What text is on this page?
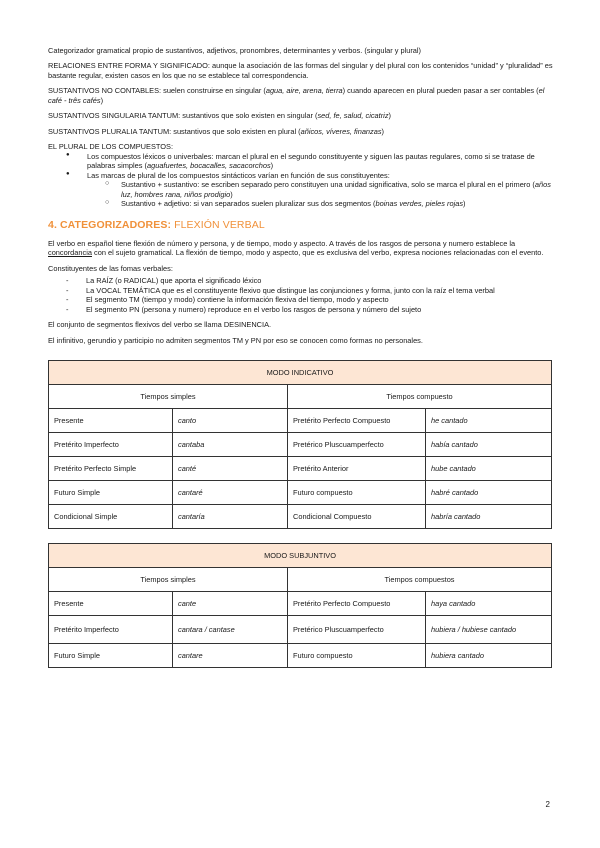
Categorizador gramatical propio de sustantivos, adjetivos, pronombres, determinantes y verbos. (singular y plural)

RELACIONES ENTRE FORMA Y SIGNIFICADO: aunque la asociación de las formas del singular y del plural con los contenidos “unidad” y “pluralidad” es bastante regular, existen casos en los que no se establece tal correspondencia.

SUSTANTIVOS NO CONTABLES: suelen construirse en singular (agua, aire, arena, tierra) cuando aparecen en plural pueden pasar a ser contables (el café - três cafés)

SUSTANTIVOS SINGULARIA TANTUM: sustantivos que solo existen en singular (sed, fe, salud, cicatriz)

SUSTANTIVOS PLURALIA TANTUM: sustantivos que solo existen en plural (añicos, víveres, finanzas)

EL PLURAL DE LOS COMPUESTOS:
● Los compuestos léxicos o univerbales: marcan el plural en el segundo constituyente y siguen las pautas regulares, como si se tratase de palabras simples (aguafuertes, bocacalles, sacacorchos)
● Las marcas de plural de los compuestos sintácticos varían en función de sus constituyentes:
○ Sustantivo + sustantivo: se escriben separado pero constituyen una unidad significativa, solo se marca el plural en el primero (años luz, hombres rana, niños prodigio)
○ Sustantivo + adjetivo: si van separados suelen pluralizar sus dos segmentos (boinas verdes, pieles rojas)
4. CATEGORIZADORES: FLEXIÓN VERBAL

El verbo en español tiene flexión de número y persona, y de tiempo, modo y aspecto. A través de los rasgos de persona y numero establece la concordancia con el sujeto gramatical. La flexión de tiempo, modo y aspecto, que es exclusiva del verbo, expresa nociones relacionadas con el evento.

Constituyentes de las fomas verbales:

- La RAÍZ (o RADICAL) que aporta el significado léxico
- La VOCAL TEMÁTICA que es el constituyente flexivo que distingue las conjunciones y forma, junto con la raíz el tema verbal
- El segmento TM (tiempo y modo) contiene la información flexiva del tiempo, modo y aspecto
- El segmento PN (persona y numero) reproduce en el verbo los rasgos de persona y número del sujeto

El conjunto de segmentos flexivos del verbo se llama DESINENCIA.

El infinitivo, gerundio y participio no admiten segmentos TM y PN por eso se conocen como formas no personales.

MODO INDICATIVO			
Tiempos simples		Tiempos compuesto	
Presente	canto	Pretérito Perfecto Compuesto	he cantado
Pretérito Imperfecto	cantaba	Pretérico Pluscuamperfecto	había cantado
Pretérito Perfecto Simple	canté	Pretérito Anterior	hube cantado
Futuro Simple	cantaré	Futuro compuesto	habré cantado
Condicional Simple	cantaría	Condicional Compuesto	habría cantado
MODO SUBJUNTIVO			
Tiempos simples		Tiempos compuestos	
Presente	cante	Pretérito Perfecto Compuesto	haya cantado
Pretérito Imperfecto	cantara / cantase	Pretérico Pluscuamperfecto	hubiera / hubiese cantado
Futuro Simple	cantare	Futuro compuesto	hubiera cantado
2
